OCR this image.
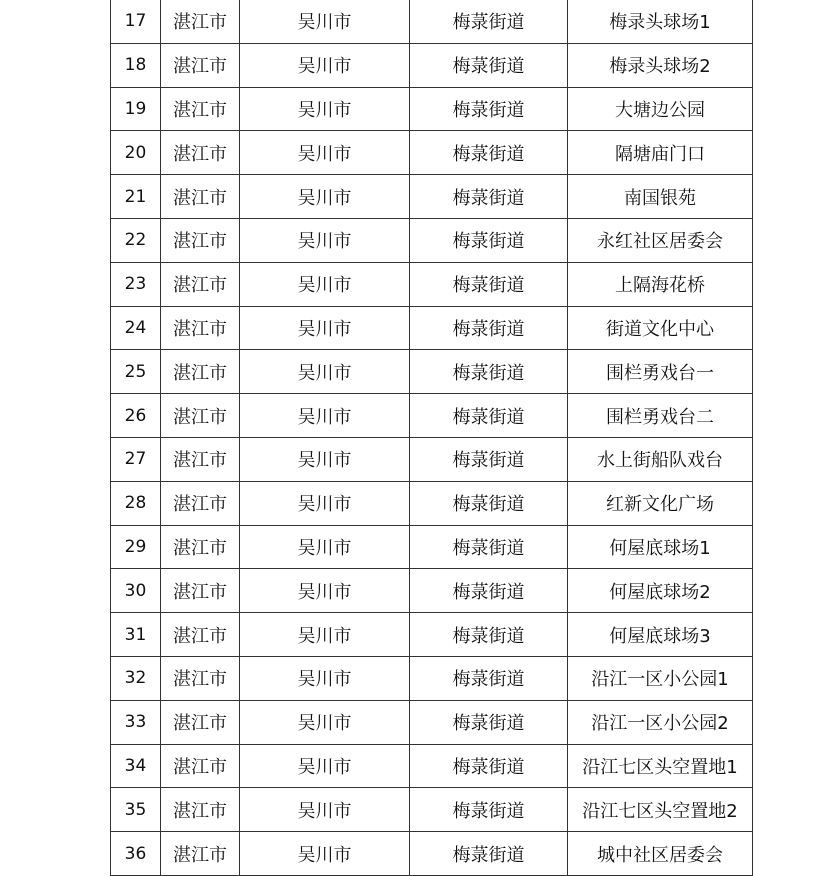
17	湛江市	吴川市	梅菉街道	梅录头球场1
18	湛江市	吴川市	梅菉街道	梅录头球场2
19	湛江市	吴川市	梅菉街道	大塘边公园
20	湛江市	吴川市	梅菉街道	隔塘庙门口
21	湛江市	吴川市	梅菉街道	南国银苑
22	湛江市	吴川市	梅菉街道	永红社区居委会
23	湛江市	吴川市	梅菉街道	上隔海花桥
24	湛江市	吴川市	梅菉街道	街道文化中心
25	湛江市	吴川市	梅菉街道	围栏勇戏台一
26	湛江市	吴川市	梅菉街道	围栏勇戏台二
27	湛江市	吴川市	梅菉街道	水上街船队戏台
28	湛江市	吴川市	梅菉街道	红新文化广场
29	湛江市	吴川市	梅菉街道	何屋底球场1
30	湛江市	吴川市	梅菉街道	何屋底球场2
31	湛江市	吴川市	梅菉街道	何屋底球场3
32	湛江市	吴川市	梅菉街道	沿江一区小公园1
33	湛江市	吴川市	梅菉街道	沿江一区小公园2
34	湛江市	吴川市	梅菉街道	沿江七区头空置地1
35	湛江市	吴川市	梅菉街道	沿江七区头空置地2
36	湛江市	吴川市	梅菉街道	城中社区居委会
